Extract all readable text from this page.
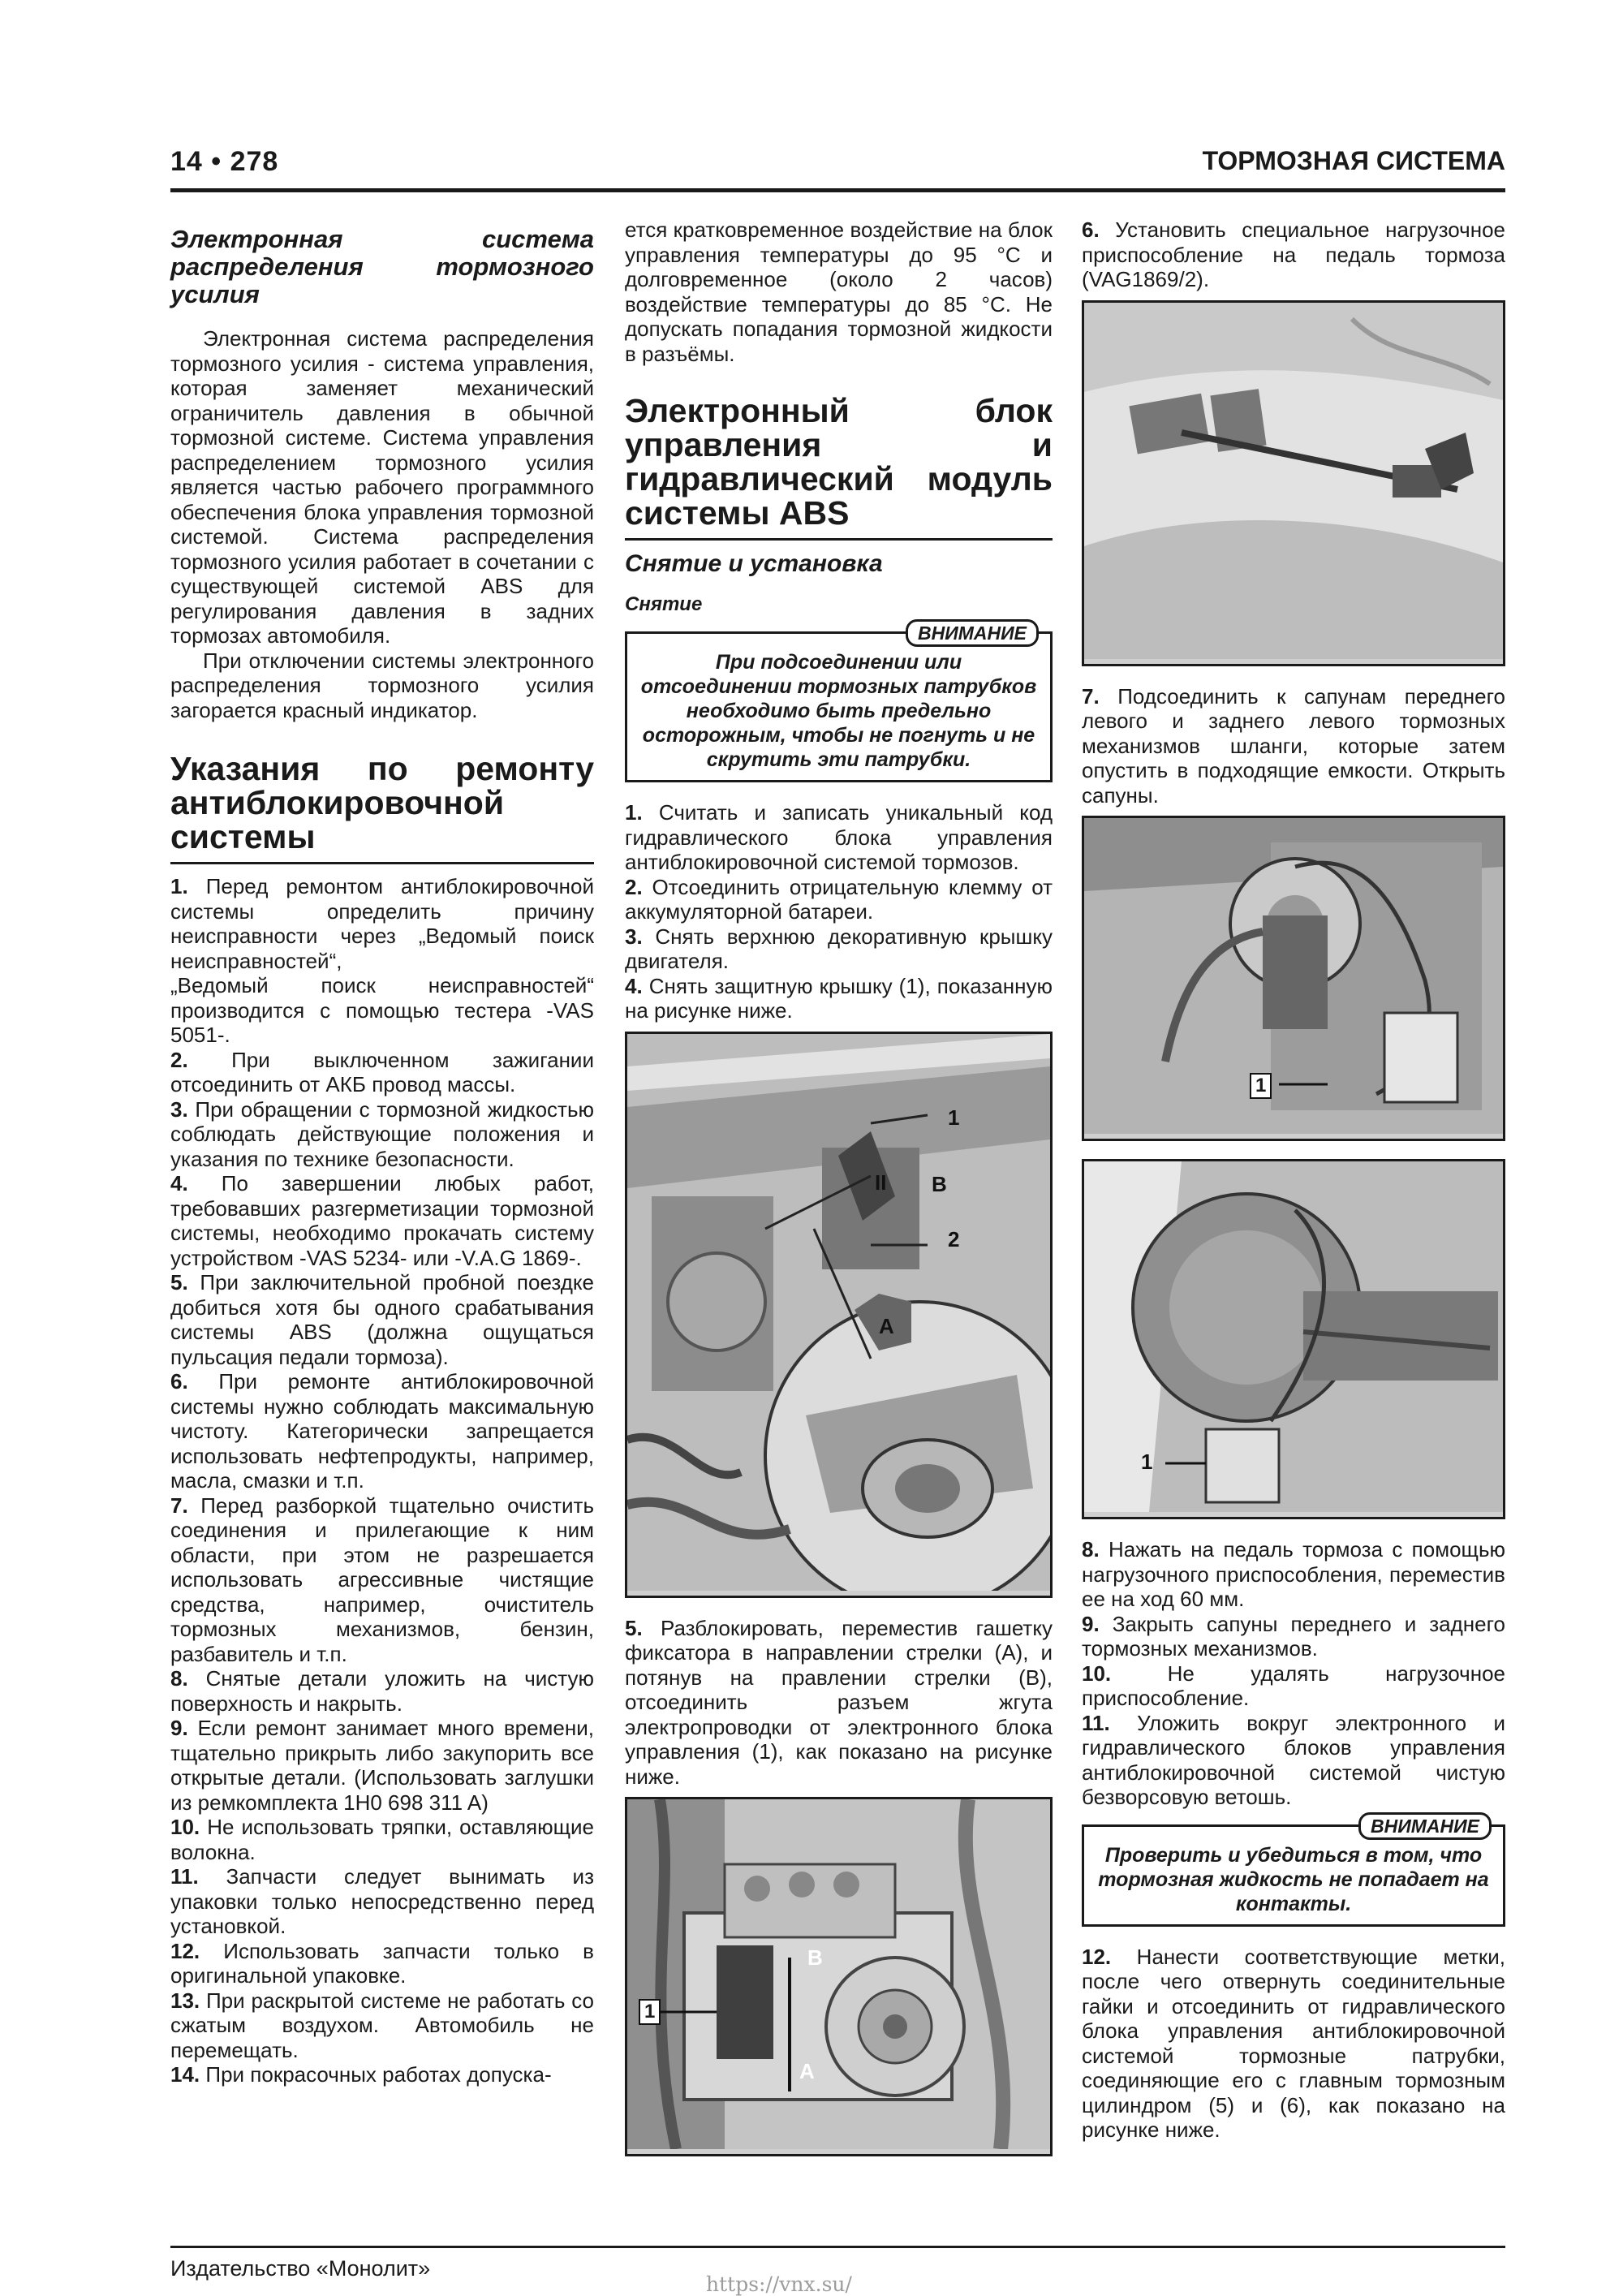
14 • 278	ТОРМОЗНАЯ СИСТЕМА
Электронная система распределения тормозного усилия

Электронная система распределения тормозного усилия - система управления, которая заменяет механический ограничитель давления в обычной тормозной системе. Система управления распределением тормозного усилия является частью рабочего программного обеспечения блока управления тормозной системой. Система распределения тормозного усилия работает в сочетании с существующей системой ABS для регулирования давления в задних тормозах автомобиля.

При отключении системы электронного распределения тормозного усилия загорается красный индикатор.

Указания по ремонту антиблокировочной системы

1. Перед ремонтом антиблокировочной системы определить причину неисправности через „Ведомый поиск неисправностей“,

„Ведомый поиск неисправностей“ производится с помощью тестера -VAS 5051-.

2. При выключенном зажигании отсоединить от АКБ провод массы.

3. При обращении с тормозной жидкостью соблюдать действующие положения и указания по технике безопасности.

4. По завершении любых работ, требовавших разгерметизации тормозной системы, необходимо прокачать систему устройством -VAS 5234- или -V.A.G 1869-.

5. При заключительной пробной поездке добиться хотя бы одного срабатывания системы ABS (должна ощущаться пульсация педали тормоза).

6. При ремонте антиблокировочной системы нужно соблюдать максимальную чистоту. Категорически запрещается использовать нефтепродукты, например, масла, смазки и т.п.

7. Перед разборкой тщательно очистить соединения и прилегающие к ним области, при этом не разрешается использовать агрессивные чистящие средства, например, очиститель тормозных механизмов, бензин, разбавитель и т.п.

8. Снятые детали уложить на чистую поверхность и накрыть.

9. Если ремонт занимает много времени, тщательно прикрыть либо закупорить все открытые детали. (Использовать заглушки из ремкомплекта 1H0 698 311 A)

10. Не использовать тряпки, оставляющие волокна.

11. Запчасти следует вынимать из упаковки только непосредственно перед установкой.

12. Использовать запчасти только в оригинальной упаковке.

13. При раскрытой системе не работать со сжатым воздухом. Автомобиль не перемещать.

14. При покрасочных работах допуска-

ется кратковременное воздействие на блок управления температуры до 95 °С и долговременное (около 2 часов) воздействие температуры до 85 °С. Не допускать попадания тормозной жидкости в разъёмы.

Электронный блок управления и гидравлический модуль системы ABS
Снятие и установка
Снятие
ВНИМАНИЕ
При подсоединении или отсоединении тормозных патрубков необходимо быть предельно осторожным, чтобы не погнуть и не скрутить эти патрубки.

1. Считать и записать уникальный код гидравлического блока управления антиблокировочной системой тормозов.

2. Отсоединить отрицательную клемму от аккумуляторной батареи.

3. Снять верхнюю декоративную крышку двигателя.

4. Снять защитную крышку (1), показанную на рисунке ниже.

1
2
B
II
A

5. Разблокировать, переместив гашетку фиксатора в направлении стрелки (A), и потянув на правлении стрелки (B), отсоединить разъем жгута электропроводки от электронного блока управления (1), как показано на рисунке ниже.

1
A
B

6. Установить специальное нагрузочное приспособление на педаль тормоза (VAG1869/2).

7. Подсоединить к сапунам переднего левого и заднего левого тормозных механизмов шланги, которые затем опустить в подходящие емкости. Открыть сапуны.

1
1

8. Нажать на педаль тормоза с помощью нагрузочного приспособления, переместив ее на ход 60 мм.

9. Закрыть сапуны переднего и заднего тормозных механизмов.

10.	Не удалять нагрузочное приспособление.

11. Уложить вокруг электронного и гидравлического блоков управления антиблокировочной системой чистую безворсовую ветошь.

ВНИМАНИЕ
Проверить и убедиться в том, что тормозная жидкость не попадает на контакты.

12. Нанести соответствующие метки, после чего отвернуть соединительные гайки и отсоединить от гидравлического блока управления антиблокировочной системой тормозные патрубки, соединяющие его с главным тормозным цилиндром (5) и (6), как показано на рисунке ниже.

Издательство «Монолит»
https://vnx.su/
